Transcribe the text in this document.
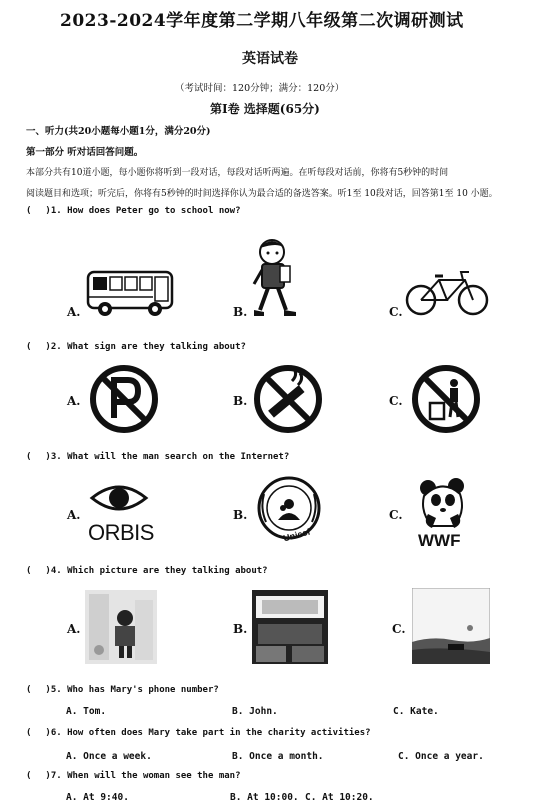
2023-2024学年度第二学期八年级第二次调研测试
英语试卷
（考试时间：120分钟；满分：120分）
第Ⅰ卷 选择题(65分)
一、听力(共20小题每小题1分，满分20分)
第一部分 听对话回答问题。
本部分共有10道小题，每小题你将听到一段对话，每段对话听两遍。在听每段对话前，你将有5秒钟的时间
阅读题目和选项；听完后，你将有5秒钟的时间选择你认为最合适的备选答案。听1至 10段对话，回答第1至 10 小题。
( )1. How does Peter go to school now?
A.	B.	C.
( )2. What sign are they talking about?
A.	B.	C.
( )3. What will the man search on the Internet?
A.	B.	C.
ORBIS	Unicef	WWF
( )4. Which picture are they talking about?
A.	B.	C.
( )5. Who has Mary's phone number?
A. Tom.	B. John.	C. Kate.
( )6. How often does Mary take part in the charity activities?
A. Once a week.	B. Once a month.	C. Once a year.
( )7. When will the woman see the man?
A. At 9:40.	B. At 10:00. C. At 10:20.
